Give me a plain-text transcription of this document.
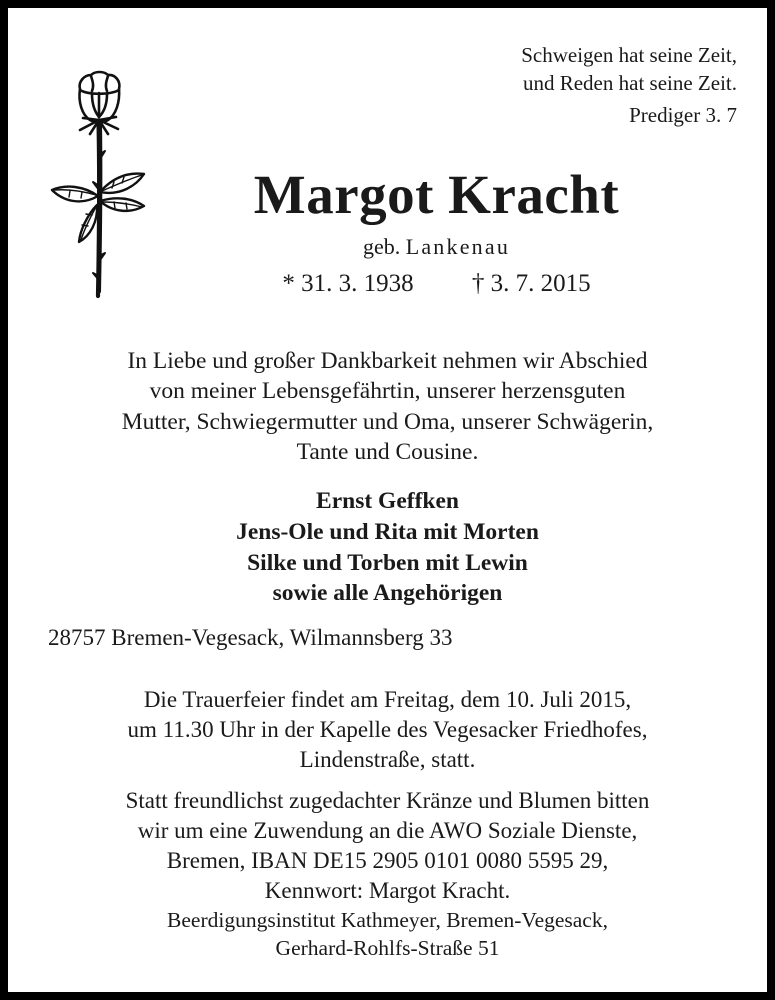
Schweigen hat seine Zeit,
und Reden hat seine Zeit.
Prediger 3. 7
Margot Kracht
geb. Lankenau
* 31. 3. 1938 † 3. 7. 2015
In Liebe und großer Dankbarkeit nehmen wir Abschied
von meiner Lebensgefährtin, unserer herzensguten
Mutter, Schwiegermutter und Oma, unserer Schwägerin,
Tante und Cousine.
Ernst Geffken
Jens-Ole und Rita mit Morten
Silke und Torben mit Lewin
sowie alle Angehörigen
28757 Bremen-Vegesack, Wilmannsberg 33
Die Trauerfeier findet am Freitag, dem 10. Juli 2015,
um 11.30 Uhr in der Kapelle des Vegesacker Friedhofes,
Lindenstraße, statt.
Statt freundlichst zugedachter Kränze und Blumen bitten
wir um eine Zuwendung an die AWO Soziale Dienste,
Bremen, IBAN DE15 2905 0101 0080 5595 29,
Kennwort: Margot Kracht.
Beerdigungsinstitut Kathmeyer, Bremen-Vegesack,
Gerhard-Rohlfs-Straße 51
